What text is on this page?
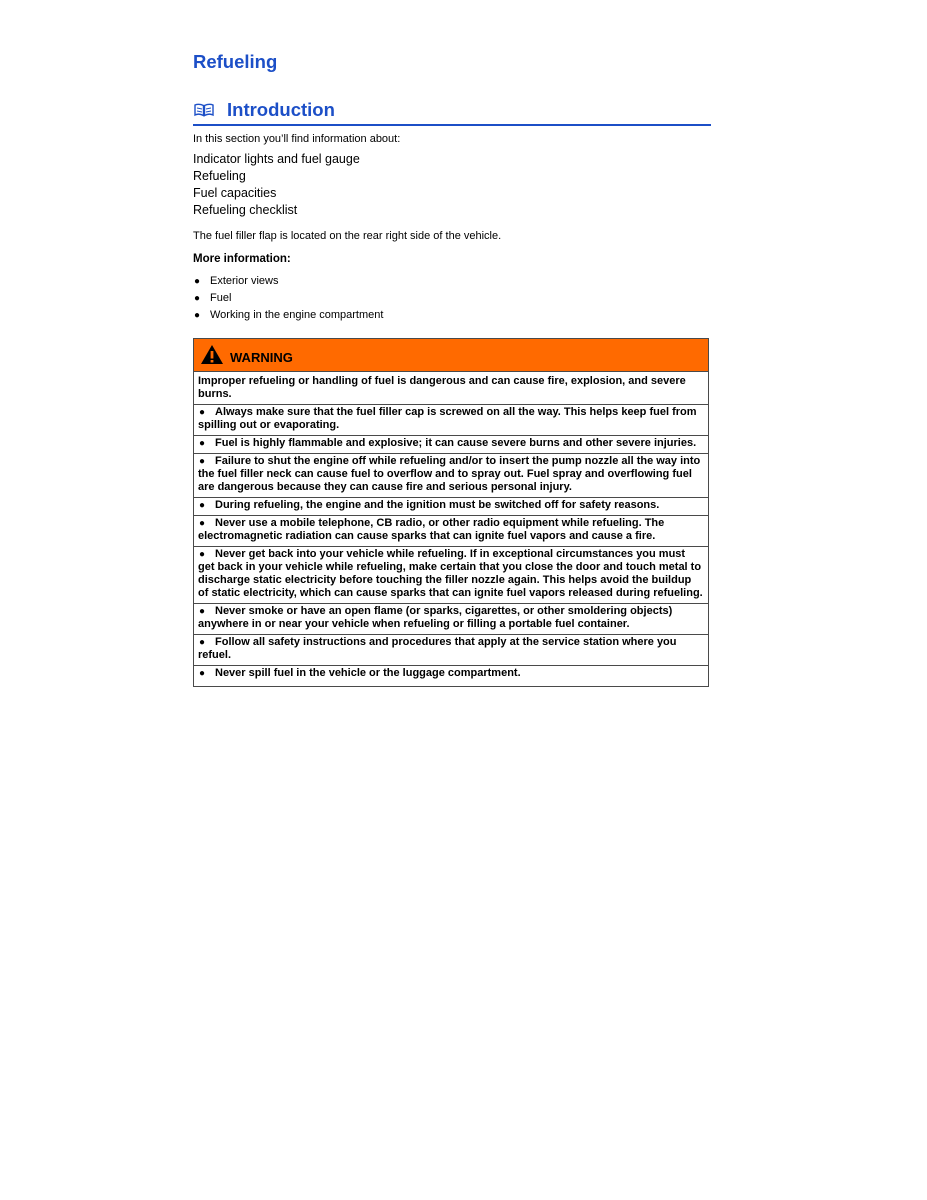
Refueling
Introduction

In this section you’ll find information about:

Indicator lights and fuel gauge
Refueling
Fuel capacities
Refueling checklist

The fuel filler flap is located on the rear right side of the vehicle.

More information:

● Exterior views
● Fuel
● Working in the engine compartment
WARNING

Improper refueling or handling of fuel is dangerous and can cause fire, explosion, and severe burns.

● Always make sure that the fuel filler cap is screwed on all the way. This helps keep fuel from spilling out or evaporating.

● Fuel is highly flammable and explosive; it can cause severe burns and other severe injuries.

● Failure to shut the engine off while refueling and/or to insert the pump nozzle all the way into the fuel filler neck can cause fuel to overflow and to spray out. Fuel spray and overflowing fuel are dangerous because they can cause fire and serious personal injury.

● During refueling, the engine and the ignition must be switched off for safety reasons.

● Never use a mobile telephone, CB radio, or other radio equipment while refueling. The electromagnetic radiation can cause sparks that can ignite fuel vapors and cause a fire.

● Never get back into your vehicle while refueling. If in exceptional circumstances you must get back in your vehicle while refueling, make certain that you close the door and touch metal to discharge static electricity before touching the filler nozzle again. This helps avoid the buildup of static electricity, which can cause sparks that can ignite fuel vapors released during refueling.

● Never smoke or have an open flame (or sparks, cigarettes, or other smoldering objects) anywhere in or near your vehicle when refueling or filling a portable fuel container.

● Follow all safety instructions and procedures that apply at the service station where you refuel.

● Never spill fuel in the vehicle or the luggage compartment.
